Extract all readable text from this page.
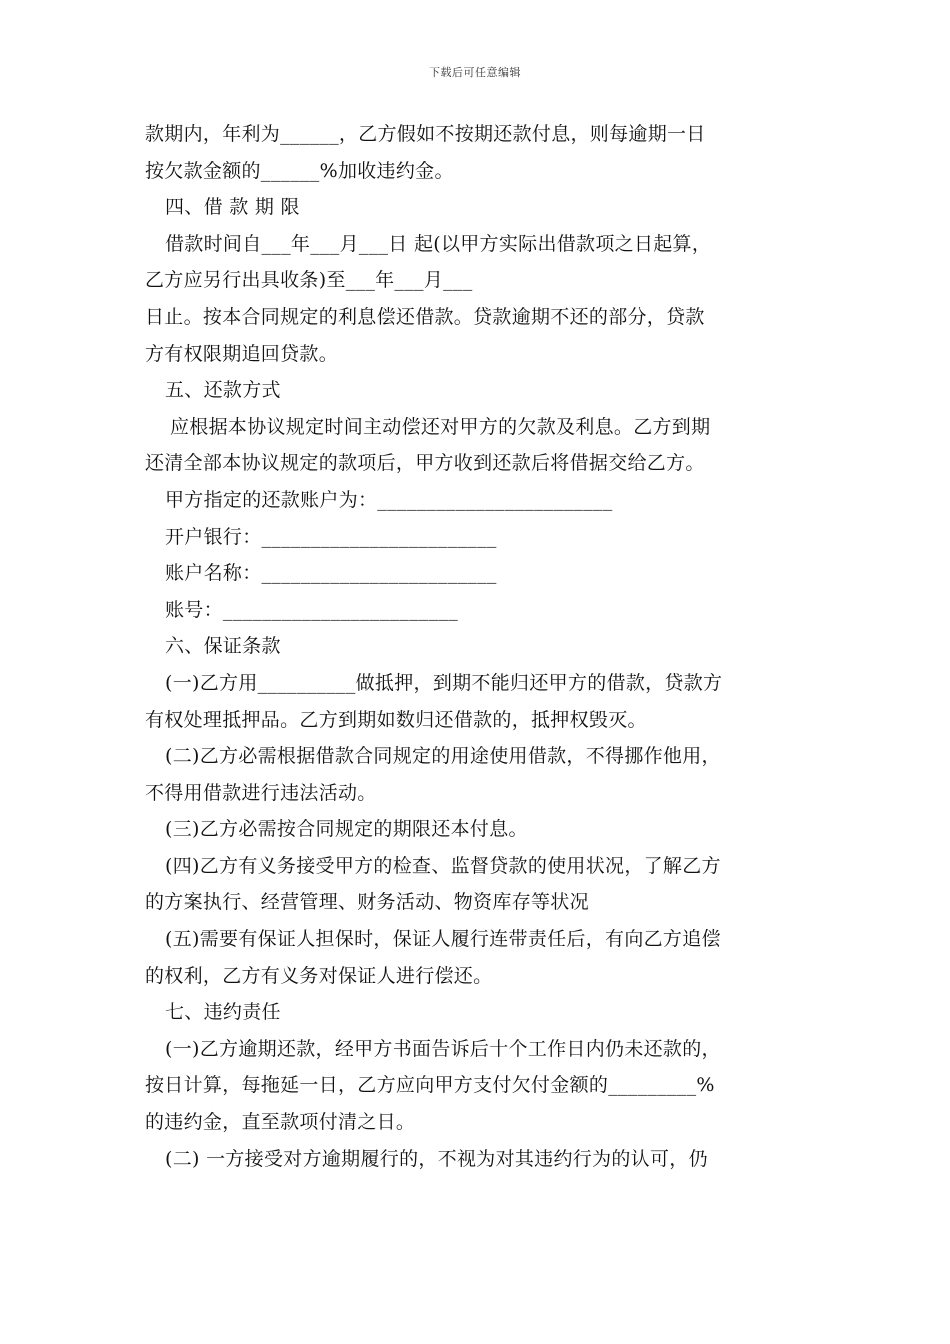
下载后可任意编辑
款期内，年利为______，乙方假如不按期还款付息，则每逾期一日
按欠款金额的______%加收违约金。
四、借 款 期 限
借款时间自___年___月___日 起(以甲方实际出借款项之日起算，
乙方应另行出具收条)至___年___月___
日止。按本合同规定的利息偿还借款。贷款逾期不还的部分，贷款
方有权限期追回贷款。
五、还款方式
应根据本协议规定时间主动偿还对甲方的欠款及利息。乙方到期
还清全部本协议规定的款项后，甲方收到还款后将借据交给乙方。
甲方指定的还款账户为：________________________
开户银行：________________________
账户名称：________________________
账号：________________________
六、保证条款
(一)乙方用__________做抵押，到期不能归还甲方的借款，贷款方
有权处理抵押品。乙方到期如数归还借款的，抵押权毁灭。
(二)乙方必需根据借款合同规定的用途使用借款，不得挪作他用，
不得用借款进行违法活动。
(三)乙方必需按合同规定的期限还本付息。
(四)乙方有义务接受甲方的检查、监督贷款的使用状况，了解乙方
的方案执行、经营管理、财务活动、物资库存等状况
(五)需要有保证人担保时，保证人履行连带责任后，有向乙方追偿
的权利，乙方有义务对保证人进行偿还。
七、违约责任
(一)乙方逾期还款，经甲方书面告诉后十个工作日内仍未还款的，
按日计算，每拖延一日，乙方应向甲方支付欠付金额的_________%
的违约金，直至款项付清之日。
(二) 一方接受对方逾期履行的，不视为对其违约行为的认可，仍
